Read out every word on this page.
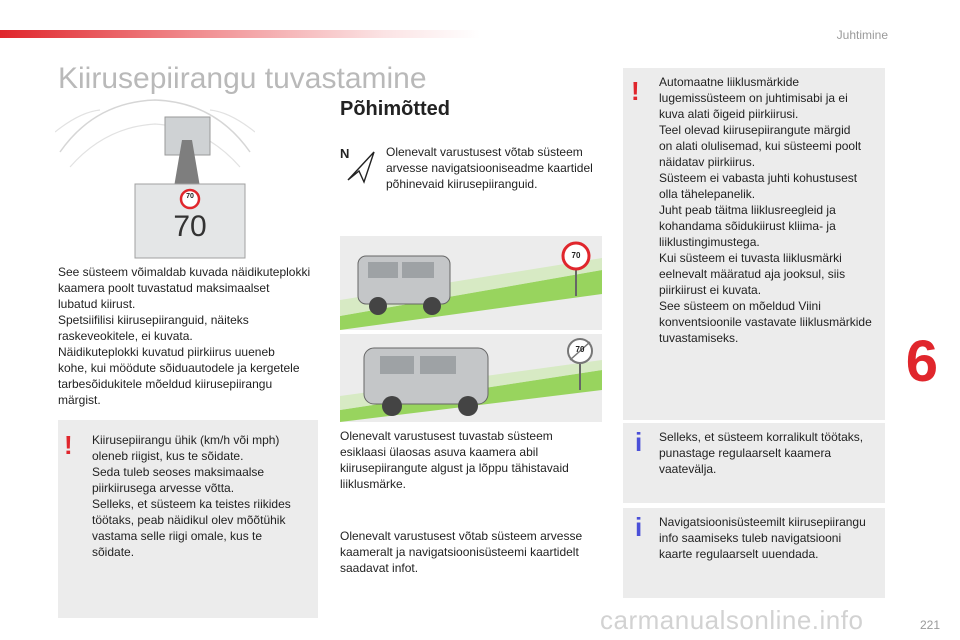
Juhtimine
Kiirusepiirangu tuvastamine
70
70
See süsteem võimaldab kuvada näidikuteplokki
kaamera poolt tuvastatud maksimaalset
lubatud kiirust.
Spetsiifilisi kiirusepiiranguid, näiteks
raskeveokitele, ei kuvata.
Näidikuteplokki kuvatud piirkiirus uueneb
kohe, kui möödute sõiduautodele ja kergetele
tarbesõidukitele mõeldud kiirusepiirangu
märgist.
! Kiirusepiirangu ühik (km/h või mph)
oleneb riigist, kus te sõidate.
Seda tuleb seoses maksimaalse
piirkiirusega arvesse võtta.
Selleks, et süsteem ka teistes riikides
töötaks, peab näidikul olev mõõtühik
vastama selle riigi omale, kus te
sõidate.
Põhimõtted
N	Olenevalt varustusest võtab süsteem
arvesse navigatsiooniseadme kaartidel
põhinevaid kiirusepiiranguid.
70
70
Olenevalt varustusest tuvastab süsteem
esiklaasi ülaosas asuva kaamera abil
kiirusepiirangute algust ja lõppu tähistavaid
liiklusmärke.
Olenevalt varustusest võtab süsteem arvesse
kaameralt ja navigatsioonisüsteemi kaartidelt
saadavat infot.
! Automaatne liiklusmärkide
lugemissüsteem on juhtimisabi ja ei
kuva alati õigeid piirkiirusi.
Teel olevad kiirusepiirangute märgid
on alati olulisemad, kui süsteemi poolt
näidatav piirkiirus.
Süsteem ei vabasta juhti kohustusest
olla tähelepanelik.
Juht peab täitma liiklusreegleid ja
kohandama sõidukiirust kliima- ja
liiklustingimustega.
Kui süsteem ei tuvasta liiklusmärki
eelnevalt määratud aja jooksul, siis
piirkiirust ei kuvata.
See süsteem on mõeldud Viini
konventsioonile vastavate liiklusmärkide
tuvastamiseks.
i Selleks, et süsteem korralikult töötaks,
punastage regulaarselt kaamera
vaatevälja.
i Navigatsioonisüsteemilt kiirusepiirangu
info saamiseks tuleb navigatsiooni
kaarte regulaarselt uuendada.
6
carmanualsonline.info	221
